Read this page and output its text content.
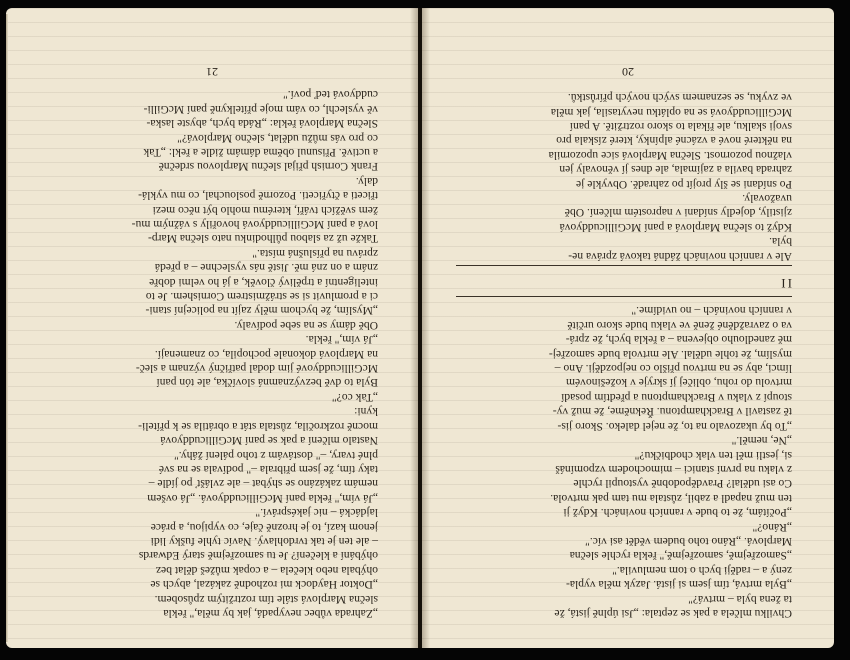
Chvilku mlčela a pak se zeptala: „Jsi úplně jistá, že
ta žena byla – mrtvá?"
„Byla mrtvá, tím jsem si jistá. Jazyk měla vypla-
zený a – raději bych o tom nemluvila."
„Samozřejmě, samozřejmě," řekla rychle slečna
Marplová. „Ráno toho budem vědět asi víc."
„Ráno?"
„Počítám, že to bude v ranních novinách. Když ji
ten muž napadl a zabil, zůstala mu tam pak mrtvola.
Co asi udělal? Pravděpodobně vystoupil rychle
z vlaku na první stanici – mimochodem vzpomínáš
si, jestli měl ten vlak chodbičku?"
„Ne, neměl."
„To by ukazovalo na to, že nejel daleko. Skoro jis-
tě zastavil v Brackhamptonu. Řekněme, že muž vy-
stoupí z vlaku v Brackhamptonu a předtím posadí
mrtvolu do rohu, obličej jí skryje v kožešinovém
límci, aby se na mrtvou přišlo co nejpozději. Ano –
myslím, že tohle udělal. Ale mrtvola bude samozřej-
mě zanedlouho objevena – a řekla bych, že zprá-
va o zavražděné ženě ve vlaku bude skoro určitě
v ranních novinách – no uvidíme."
II
Ale v ranních novinách žádná taková zpráva ne-
byla.
Když to slečna Marplová a paní McGillicuddyová
zjistily, dojedly snídani v naprostém mlčení. Obě
uvažovaly.
Po snídani se šly projít po zahradě. Obvykle je
zahrada bavila a zajímala, ale dnes jí věnovaly jen
vlažnou pozornost. Slečna Marplová sice upozornila
na některé nové a vzácné alpínky, které získala pro
svoji skalku, ale říkala to skoro roztržitě. A paní
McGillicuddyová se na oplátku nevytasila, jak měla
ve zvyku, se seznamem svých nových přírůstků.
20
„Zahrada vůbec nevypadá, jak by měla," řekla
slečna Marplová stále tím roztržitým způsobem.
„Doktor Haydock mi rozhodně zakázal, abych se
ohýbala nebo klečela – a copak můžeš dělat bez
ohýbání a klečení? Je tu samozřejmě starý Edwards
– ale ten je tak tvrdohlavý. Navíc tyhle fušky lidi
jenom kazí, to je hrozně čaje, co vypijou, a práce
lajdácká – nic jakéspráví."
„Já vím," řekla paní McGillicuddyová. „Já ovšem
nemám zakázáno se shýbat – ale zvlášť po jídle –
taky tím, že jsem přibrala –" podívala se na své
plné tvary, –" dostávám z toho pálení žáhy."
Nastalo mlčení a pak se paní McGillicuddyová
mocně rozkročila, zůstala stát a obrátila se k příteli-
kyni:
„Tak co?"
Byla to dvě bezvýznamná slovíčka, ale tón paní
McGillicuddyové jim dodal patřičný význam a sleč-
na Marplová dokonale pochopila, co znamenají.
„Já vím," řekla.
Obě dámy se na sebe podívaly.
„Myslím, že bychom měly zajít na policejní stani-
ci a promluvit si se strážmistrem Cornishem. Je to
inteligentní a trpělivý člověk, a já ho velmi dobře
znám a on zná mě. Jistě nás vyslechne – a předá
zprávu na příslušná místa."
Takže už za slabou půlhodinku nato slečna Marp-
lová a paní McGillicuddyová hovořily s vážným mu-
žem svěžích tváří, kterému mohlo být něco mezi
třiceti a čtyřiceti. Pozorně poslouchal, co mu vyklá-
daly.
Frank Cornish přijal slečnu Marplovou srdečně
a uctivě. Přisunul oběma dámám židle a řekl: „Tak
co pro vás můžu udělat, slečno Marplová?"
Slečna Marplová řekla: „Ráda bych, abyste laska-
vě vyslechl, co vám moje přítelkyně paní McGilli-
cuddyová teď poví."
21
